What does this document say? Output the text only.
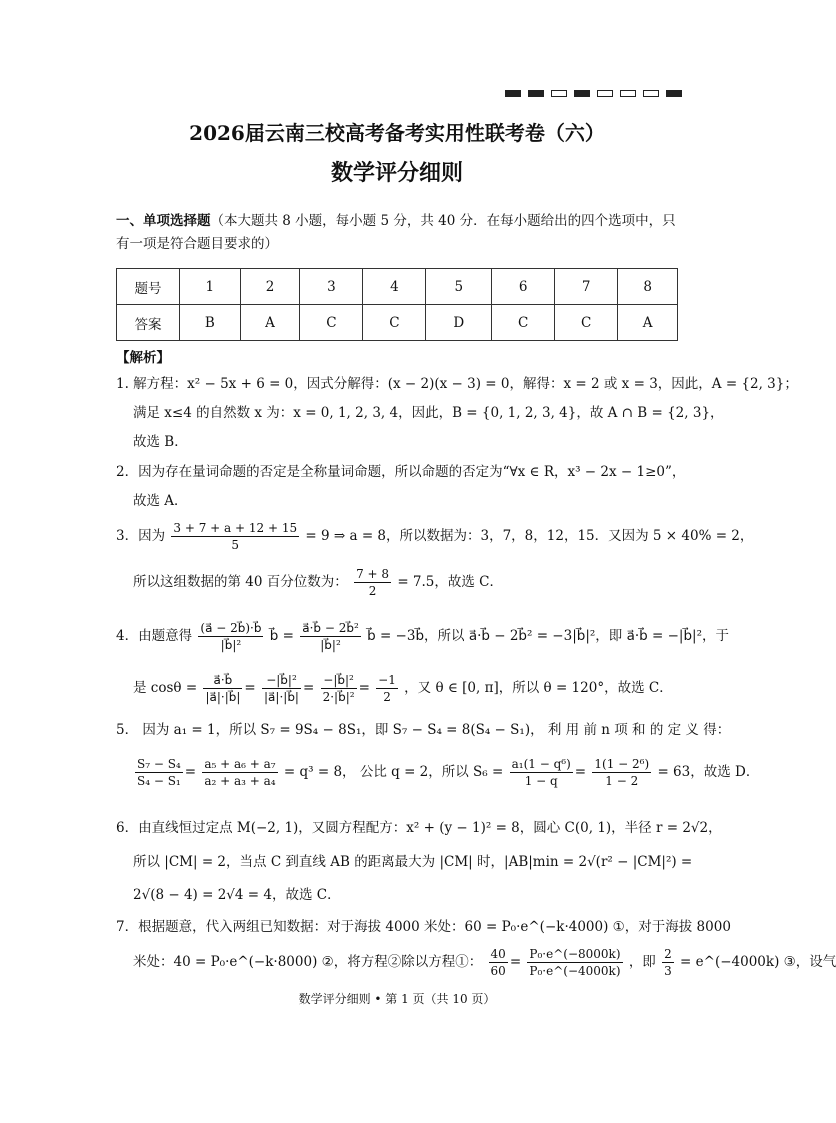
2026届云南三校高考备考实用性联考卷（六）
数学评分细则
一、单项选择题（本大题共 8 小题，每小题 5 分，共 40 分．在每小题给出的四个选项中，只有一项是符合题目要求的）
题号	1	2	3	4	5	6	7	8
答案	B	A	C	C	D	C	C	A
【解析】
1. 解方程：x² − 5x + 6 = 0，因式分解得：(x − 2)(x − 3) = 0，解得：x = 2 或 x = 3，因此，A = {2, 3}；
满足 x≤4 的自然数 x 为：x = 0, 1, 2, 3, 4，因此，B = {0, 1, 2, 3, 4}，故 A ∩ B = {2, 3}，
故选 B．
2．因为存在量词命题的否定是全称量词命题，所以命题的否定为“∀x ∈ R，x³ − 2x − 1≥0”，
故选 A．
3．因为 $\frac{3 + 7 + a + 12 + 15}{5} = 9$ ⇒ a = 8，所以数据为：3，7，8，12，15．又因为 5 × 40% = 2，
所以这组数据的第 40 百分位数为： $\frac{7 + 8}{2} = 7.5$，故选 C．
4．由题意得 $\frac{(a⃗ - 2b⃗)\cdot b⃗}{\text{|b⃗|²}}$ b⃗ = $\frac{\text{a⃗·b⃗ − 2b⃗²}}{\text{|b⃗|²}}$ b⃗ = −3b⃗，所以 a⃗·b⃗ − 2b⃗² = −3|b⃗|²，即 a⃗·b⃗ = −|b⃗|²，于
是 $\cos\theta = \frac{a⃗\cdot b⃗}{|a⃗|\cdot|b⃗|} = \frac{\text{−|b⃗|²}}{|a⃗|\cdot|b⃗|} = \frac{\text{−|b⃗|²}}{\text{2·|b⃗|²}} = \frac{-1}{2}$ ，又 θ ∈ [0, π]，所以 θ = 120°，故选 C．
5． 因为 a₁ = 1，所以 S₇ = 9S₄ − 8S₁，即 S₇ − S₄ = 8(S₄ − S₁)， 利 用 前 n 项 和 的 定 义 得：
$\frac{\text{S₇ − S₄}}{\text{S₄ − S₁}} = \frac{\text{a₅ + a₆ + a₇}}{\text{a₂ + a₃ + a₄}} = q^3 = 8$， 公比 q = 2，所以 $S_6 = \frac{\text{a₁(1 − q⁶)}}{1 - q} = \frac{\text{1(1 − 2⁶)}}{1 - 2} = 63$，故选 D．
6．由直线恒过定点 M(−2, 1)，又圆方程配方：x² + (y − 1)² = 8，圆心 C(0, 1)，半径 r = 2√2，
所以 |CM| = 2，当点 C 到直线 AB 的距离最大为 |CM| 时，|AB|min = 2√(r² − |CM|²) =
2√(8 − 4) = 2√4 = 4，故选 C．
7．根据题意，代入两组已知数据：对于海拔 4000 米处：60 = P₀·e^(−k·4000) ①，对于海拔 8000
米处：40 = P₀·e^(−k·8000) ②，将方程②除以方程①： $\frac{40}{60} = \frac{\text{P₀·e\textasciicircum{}(−8000k)}}{\text{P₀·e\textasciicircum{}(−4000k)}}$ ，即 $\frac{2}{3}$ = e^(−4000k) ③，设气
数学评分细则 • 第 1 页（共 10 页）
